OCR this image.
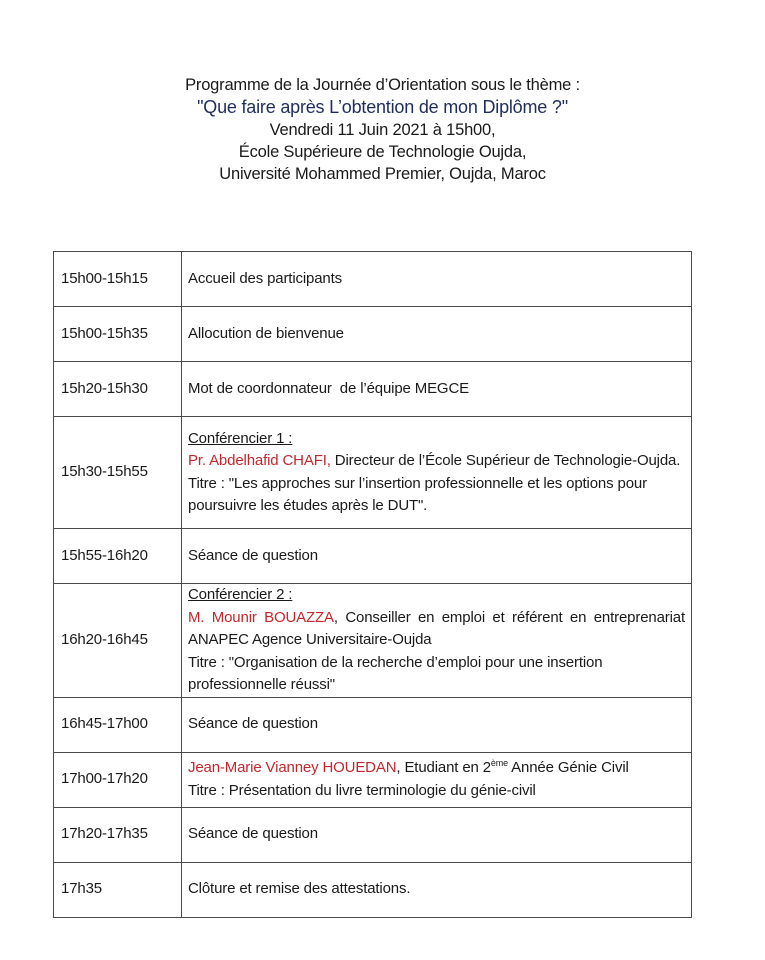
Programme de la Journée d’Orientation sous le thème :
"Que faire après L’obtention de mon Diplôme ?"
Vendredi 11 Juin 2021 à 15h00,
École Supérieure de Technologie Oujda,
Université Mohammed Premier, Oujda, Maroc
15h00-15h15	Accueil des participants
15h00-15h35	Allocution de bienvenue
15h20-15h30	Mot de coordonnateur  de l’équipe MEGCE
15h30-15h55	Conférencier 1 :
Pr. Abdelhafid CHAFI, Directeur de l’École Supérieur de Technologie-Oujda.
Titre : "Les approches sur l’insertion professionnelle et les options pour poursuivre les études après le DUT".

15h55-16h20	Séance de question
16h20-16h45	Conférencier 2 :
M. Mounir BOUAZZA, Conseiller en emploi et référent en entreprenariat ANAPEC Agence Universitaire-Oujda
Titre : "Organisation de la recherche d’emploi pour une insertion professionnelle réussi"

16h45-17h00	Séance de question
17h00-17h20	Jean-Marie Vianney HOUEDAN, Etudiant en 2ème Année Génie Civil
Titre : Présentation du livre terminologie du génie-civil

17h20-17h35	Séance de question
17h35	Clôture et remise des attestations.
